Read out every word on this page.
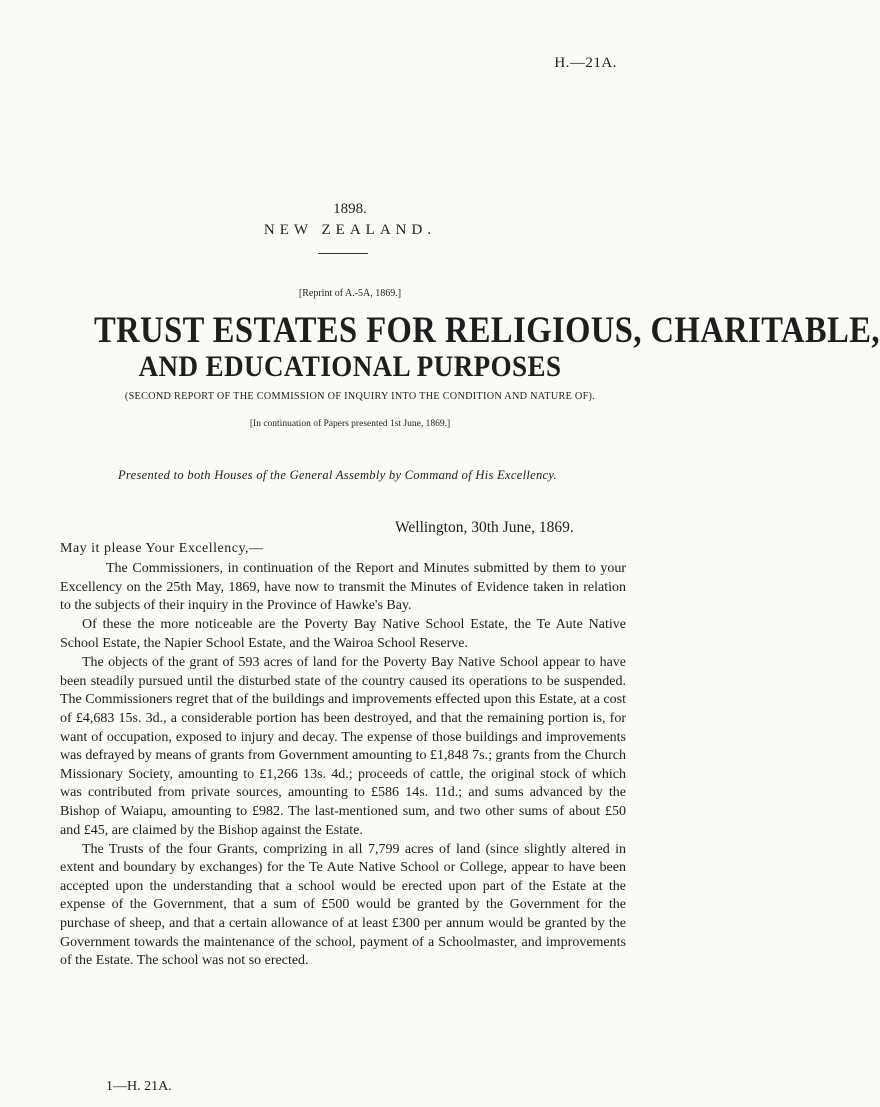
H.—21A.
1898.
NEW ZEALAND.
[Reprint of A.-5A, 1869.]
TRUST ESTATES FOR RELIGIOUS, CHARITABLE,
AND EDUCATIONAL PURPOSES
(SECOND REPORT OF THE COMMISSION OF INQUIRY INTO THE CONDITION AND NATURE OF).
[In continuation of Papers presented 1st June, 1869.]
Presented to both Houses of the General Assembly by Command of His Excellency.
Wellington, 30th June, 1869.
May it please Your Excellency,—

The Commissioners, in continuation of the Report and Minutes submitted by them to your Excellency on the 25th May, 1869, have now to transmit the Minutes of Evidence taken in relation to the subjects of their inquiry in the Province of Hawke's Bay.

Of these the more noticeable are the Poverty Bay Native School Estate, the Te Aute Native School Estate, the Napier School Estate, and the Wairoa School Reserve.

The objects of the grant of 593 acres of land for the Poverty Bay Native School appear to have been steadily pursued until the disturbed state of the country caused its operations to be suspended. The Commissioners regret that of the buildings and improvements effected upon this Estate, at a cost of £4,683 15s. 3d., a considerable portion has been destroyed, and that the remaining portion is, for want of occupation, exposed to injury and decay. The expense of those buildings and improvements was defrayed by means of grants from Government amounting to £1,848 7s.; grants from the Church Missionary Society, amounting to £1,266 13s. 4d.; proceeds of cattle, the original stock of which was contributed from private sources, amounting to £586 14s. 11d.; and sums advanced by the Bishop of Waiapu, amounting to £982. The last-mentioned sum, and two other sums of about £50 and £45, are claimed by the Bishop against the Estate.

The Trusts of the four Grants, comprizing in all 7,799 acres of land (since slightly altered in extent and boundary by exchanges) for the Te Aute Native School or College, appear to have been accepted upon the understanding that a school would be erected upon part of the Estate at the expense of the Government, that a sum of £500 would be granted by the Government for the purchase of sheep, and that a certain allowance of at least £300 per annum would be granted by the Government towards the maintenance of the school, payment of a Schoolmaster, and improvements of the Estate. The school was not so erected.

1—H. 21A.
